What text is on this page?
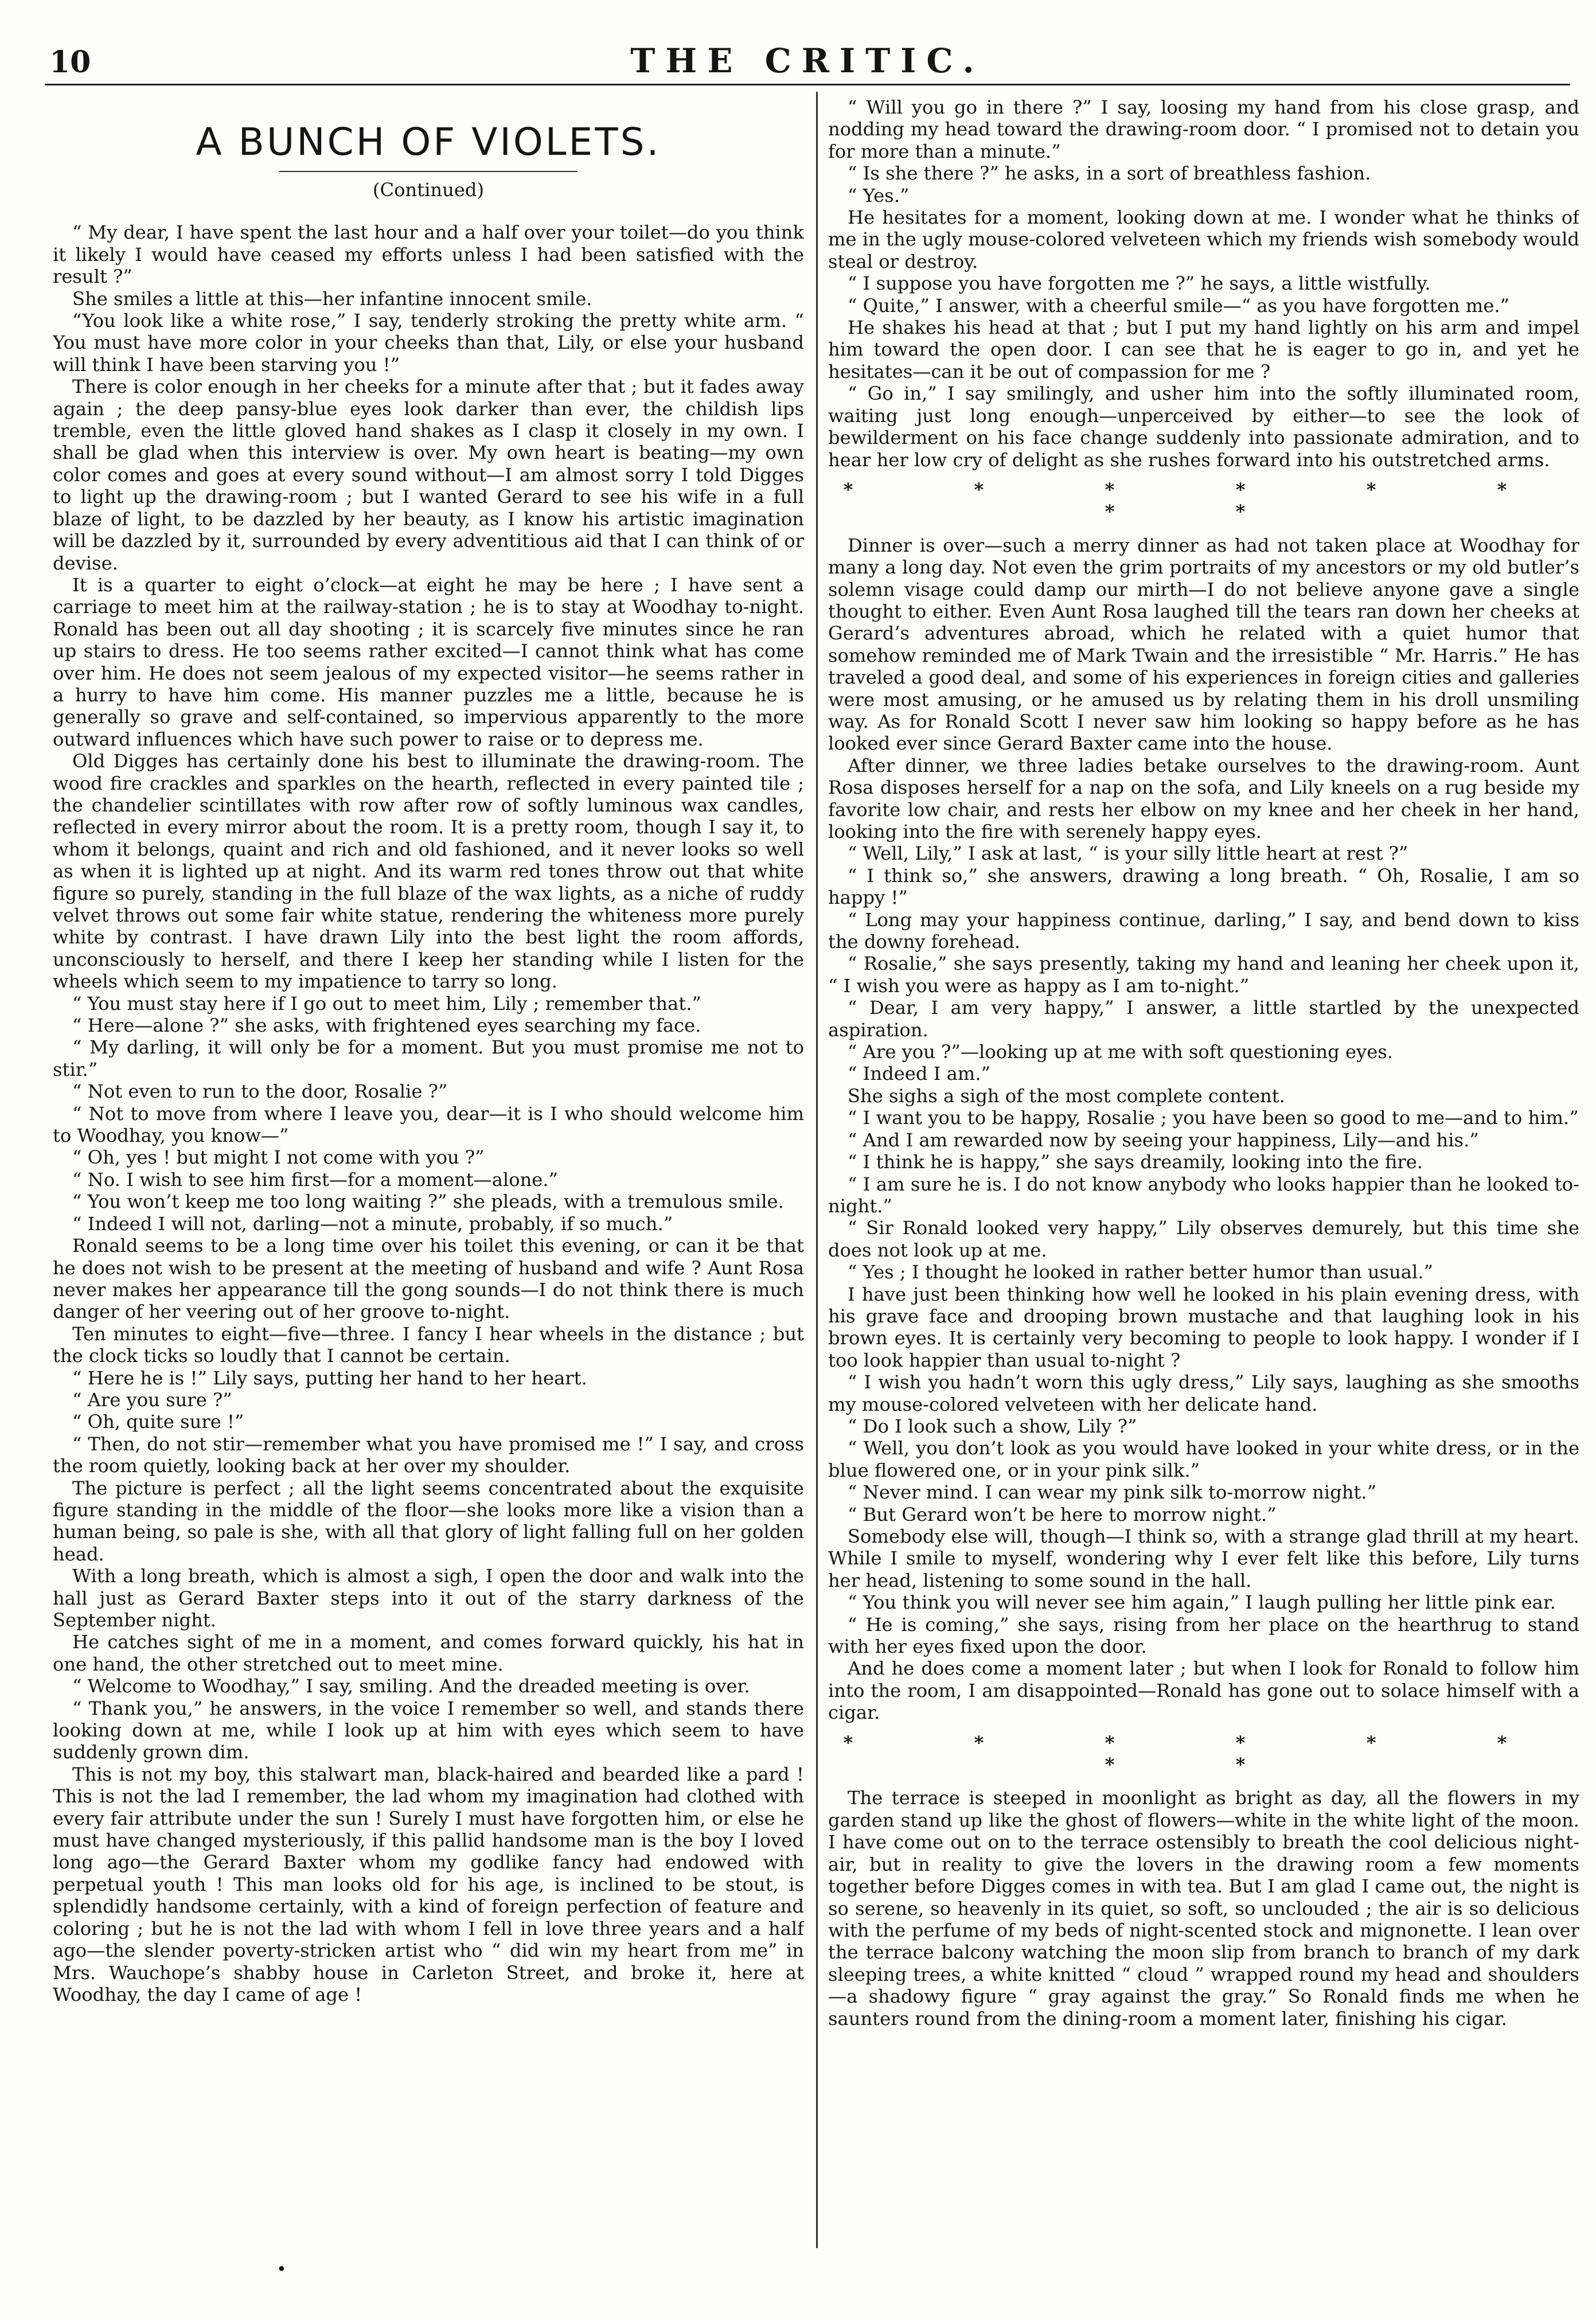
10	THE CRITIC.
A BUNCH OF VIOLETS.
(Continued)

“ My dear, I have spent the last hour and a half over your toilet—do you think it likely I would have ceased my efforts unless I had been satisfied with the result ?”

She smiles a little at this—her infantine innocent smile.

“You look like a white rose,” I say, tenderly stroking the pretty white arm. “ You must have more color in your cheeks than that, Lily, or else your husband will think I have been starving you !”

There is color enough in her cheeks for a minute after that ; but it fades away again ; the deep pansy-blue eyes look darker than ever, the childish lips tremble, even the little gloved hand shakes as I clasp it closely in my own. I shall be glad when this interview is over. My own heart is beating—my own color comes and goes at every sound without—I am almost sorry I told Digges to light up the drawing-room ; but I wanted Gerard to see his wife in a full blaze of light, to be dazzled by her beauty, as I know his artistic imagination will be dazzled by it, surrounded by every adventitious aid that I can think of or devise.

It is a quarter to eight o’clock—at eight he may be here ; I have sent a carriage to meet him at the railway-station ; he is to stay at Woodhay to-night. Ronald has been out all day shooting ; it is scarcely five minutes since he ran up stairs to dress. He too seems rather excited—I cannot think what has come over him. He does not seem jealous of my expected visitor—he seems rather in a hurry to have him come. His manner puzzles me a little, because he is generally so grave and self-contained, so impervious apparently to the more outward influences which have such power to raise or to depress me.

Old Digges has certainly done his best to illuminate the drawing-room. The wood fire crackles and sparkles on the hearth, reflected in every painted tile ; the chandelier scintillates with row after row of softly luminous wax candles, reflected in every mirror about the room. It is a pretty room, though I say it, to whom it belongs, quaint and rich and old fashioned, and it never looks so well as when it is lighted up at night. And its warm red tones throw out that white figure so purely, standing in the full blaze of the wax lights, as a niche of ruddy velvet throws out some fair white statue, rendering the whiteness more purely white by contrast. I have drawn Lily into the best light the room affords, unconsciously to herself, and there I keep her standing while I listen for the wheels which seem to my impatience to tarry so long.

“ You must stay here if I go out to meet him, Lily ; remember that.”

“ Here—alone ?” she asks, with frightened eyes searching my face.

“ My darling, it will only be for a moment. But you must promise me not to stir.”

“ Not even to run to the door, Rosalie ?”

“ Not to move from where I leave you, dear—it is I who should welcome him to Woodhay, you know—”

“ Oh, yes ! but might I not come with you ?”

“ No. I wish to see him first—for a moment—alone.”

“ You won’t keep me too long waiting ?” she pleads, with a tremulous smile.

“ Indeed I will not, darling—not a minute, probably, if so much.”

Ronald seems to be a long time over his toilet this evening, or can it be that he does not wish to be present at the meeting of husband and wife ? Aunt Rosa never makes her appearance till the gong sounds—I do not think there is much danger of her veering out of her groove to-night.

Ten minutes to eight—five—three. I fancy I hear wheels in the distance ; but the clock ticks so loudly that I cannot be certain.

“ Here he is !” Lily says, putting her hand to her heart.

“ Are you sure ?”

“ Oh, quite sure !”

“ Then, do not stir—remember what you have promised me !” I say, and cross the room quietly, looking back at her over my shoulder.

The picture is perfect ; all the light seems concentrated about the exquisite figure standing in the middle of the floor—she looks more like a vision than a human being, so pale is she, with all that glory of light falling full on her golden head.

With a long breath, which is almost a sigh, I open the door and walk into the hall just as Gerard Baxter steps into it out of the starry darkness of the September night.

He catches sight of me in a moment, and comes forward quickly, his hat in one hand, the other stretched out to meet mine.

“ Welcome to Woodhay,” I say, smiling. And the dreaded meeting is over.

“ Thank you,” he answers, in the voice I remember so well, and stands there looking down at me, while I look up at him with eyes which seem to have suddenly grown dim.

This is not my boy, this stalwart man, black-haired and bearded like a pard ! This is not the lad I remember, the lad whom my imagination had clothed with every fair attribute under the sun ! Surely I must have forgotten him, or else he must have changed mysteriously, if this pallid handsome man is the boy I loved long ago—the Gerard Baxter whom my godlike fancy had endowed with perpetual youth ! This man looks old for his age, is inclined to be stout, is splendidly handsome certainly, with a kind of foreign perfection of feature and coloring ; but he is not the lad with whom I fell in love three years and a half ago—the slender poverty-stricken artist who “ did win my heart from me” in Mrs. Wauchope’s shabby house in Carleton Street, and broke it, here at Woodhay, the day I came of age !

“ Will you go in there ?” I say, loosing my hand from his close grasp, and nodding my head toward the drawing-room door. “ I promised not to detain you for more than a minute.”

“ Is she there ?” he asks, in a sort of breathless fashion.

“ Yes.”

He hesitates for a moment, looking down at me. I wonder what he thinks of me in the ugly mouse-colored velveteen which my friends wish somebody would steal or destroy.

“ I suppose you have forgotten me ?” he says, a little wistfully.

“ Quite,” I answer, with a cheerful smile—“ as you have forgotten me.”

He shakes his head at that ; but I put my hand lightly on his arm and impel him toward the open door. I can see that he is eager to go in, and yet he hesitates—can it be out of compassion for me ?

“ Go in,” I say smilingly, and usher him into the softly illuminated room, waiting just long enough—unperceived by either—to see the look of bewilderment on his face change suddenly into passionate admiration, and to hear her low cry of delight as she rushes forward into his outstretched arms.

* * * * * * * *

Dinner is over—such a merry dinner as had not taken place at Woodhay for many a long day. Not even the grim portraits of my ancestors or my old butler’s solemn visage could damp our mirth—I do not believe anyone gave a single thought to either. Even Aunt Rosa laughed till the tears ran down her cheeks at Gerard’s adventures abroad, which he related with a quiet humor that somehow reminded me of Mark Twain and the irresistible “ Mr. Harris.” He has traveled a good deal, and some of his experiences in foreign cities and galleries were most amusing, or he amused us by relating them in his droll unsmiling way. As for Ronald Scott I never saw him looking so happy before as he has looked ever since Gerard Baxter came into the house.

After dinner, we three ladies betake ourselves to the drawing-room. Aunt Rosa disposes herself for a nap on the sofa, and Lily kneels on a rug beside my favorite low chair, and rests her elbow on my knee and her cheek in her hand, looking into the fire with serenely happy eyes.

“ Well, Lily,” I ask at last, “ is your silly little heart at rest ?”

“ I think so,” she answers, drawing a long breath. “ Oh, Rosalie, I am so happy !”

“ Long may your happiness continue, darling,” I say, and bend down to kiss the downy forehead.

“ Rosalie,” she says presently, taking my hand and leaning her cheek upon it, “ I wish you were as happy as I am to-night.”

“ Dear, I am very happy,” I answer, a little startled by the unexpected aspiration.

“ Are you ?”—looking up at me with soft questioning eyes.

“ Indeed I am.”

She sighs a sigh of the most complete content.

“ I want you to be happy, Rosalie ; you have been so good to me—and to him.”

“ And I am rewarded now by seeing your happiness, Lily—and his.”

“ I think he is happy,” she says dreamily, looking into the fire.

“ I am sure he is. I do not know anybody who looks happier than he looked to-night.”

“ Sir Ronald looked very happy,” Lily observes demurely, but this time she does not look up at me.

“ Yes ; I thought he looked in rather better humor than usual.”

I have just been thinking how well he looked in his plain evening dress, with his grave face and drooping brown mustache and that laughing look in his brown eyes. It is certainly very becoming to people to look happy. I wonder if I too look happier than usual to-night ?

“ I wish you hadn’t worn this ugly dress,” Lily says, laughing as she smooths my mouse-colored velveteen with her delicate hand.

“ Do I look such a show, Lily ?”

“ Well, you don’t look as you would have looked in your white dress, or in the blue flowered one, or in your pink silk.”

“ Never mind. I can wear my pink silk to-morrow night.”

“ But Gerard won’t be here to morrow night.”

Somebody else will, though—I think so, with a strange glad thrill at my heart. While I smile to myself, wondering why I ever felt like this before, Lily turns her head, listening to some sound in the hall.

“ You think you will never see him again,” I laugh pulling her little pink ear.

“ He is coming,” she says, rising from her place on the hearthrug to stand with her eyes fixed upon the door.

And he does come a moment later ; but when I look for Ronald to follow him into the room, I am disappointed—Ronald has gone out to solace himself with a cigar.

* * * * * * * *

The terrace is steeped in moonlight as bright as day, all the flowers in my garden stand up like the ghost of flowers—white in the white light of the moon. I have come out on to the terrace ostensibly to breath the cool delicious night-air, but in reality to give the lovers in the drawing room a few moments together before Digges comes in with tea. But I am glad I came out, the night is so serene, so heavenly in its quiet, so soft, so unclouded ; the air is so delicious with the perfume of my beds of night-scented stock and mignonette. I lean over the terrace balcony watching the moon slip from branch to branch of my dark sleeping trees, a white knitted “ cloud ” wrapped round my head and shoulders—a shadowy figure “ gray against the gray.” So Ronald finds me when he saunters round from the dining-room a moment later, finishing his cigar.

•
